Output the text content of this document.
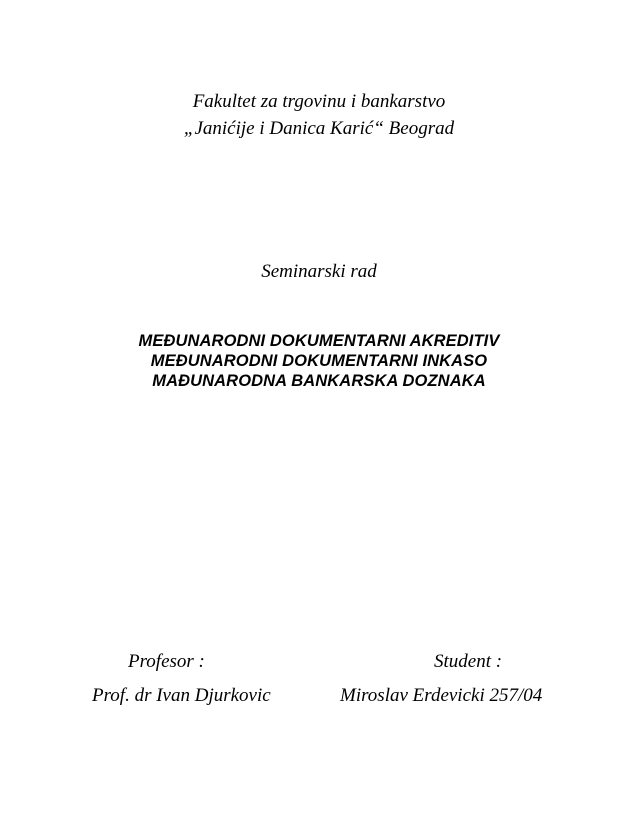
Fakultet za trgovinu i bankarstvo
„Janićije i Danica Karić“ Beograd
Seminarski rad
MEĐUNARODNI DOKUMENTARNI AKREDITIV
MEĐUNARODNI DOKUMENTARNI INKASO
MAĐUNARODNA BANKARSKA DOZNAKA
Profesor :	Student :
Prof. dr Ivan Djurkovic	Miroslav Erdevicki 257/04
